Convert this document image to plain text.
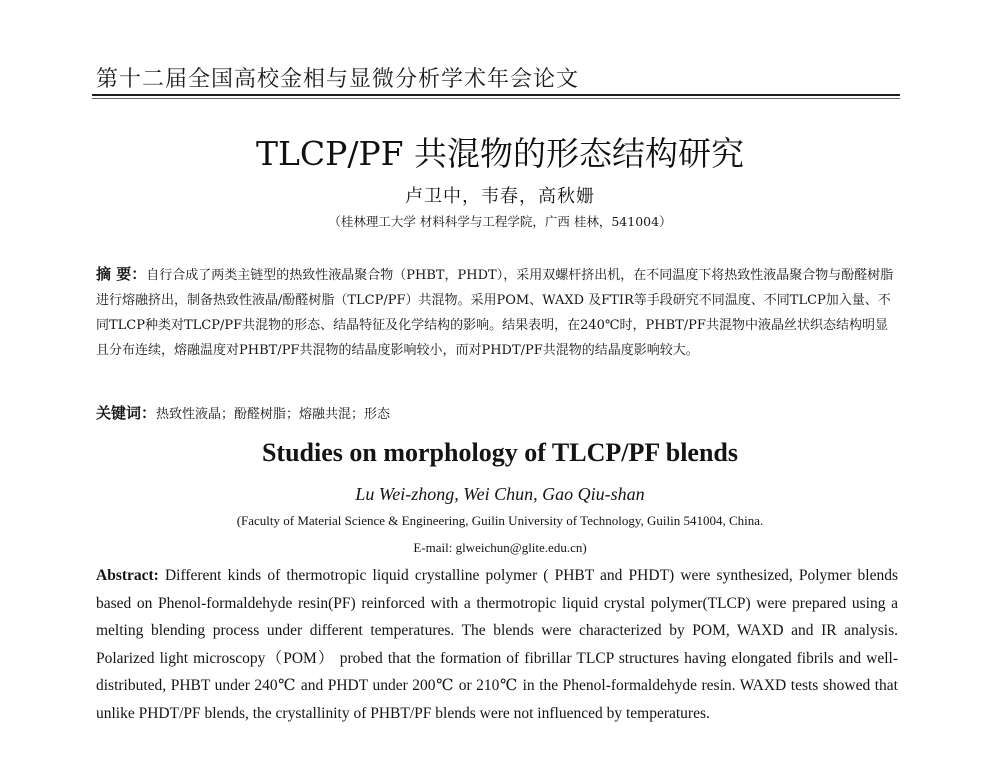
第十二届全国高校金相与显微分析学术年会论文
TLCP/PF 共混物的形态结构研究
卢卫中，韦春，高秋姗
（桂林理工大学 材料科学与工程学院，广西 桂林，541004）
摘 要：自行合成了两类主链型的热致性液晶聚合物（PHBT，PHDT），采用双螺杆挤出机，在不同温度下将热致性液晶聚合物与酚醛树脂进行熔融挤出，制备热致性液晶/酚醛树脂（TLCP/PF）共混物。采用POM、WAXD 及FTIR等手段研究不同温度、不同TLCP加入量、不同TLCP种类对TLCP/PF共混物的形态、结晶特征及化学结构的影响。结果表明，在240℃时，PHBT/PF共混物中液晶丝状织态结构明显且分布连续，熔融温度对PHBT/PF共混物的结晶度影响较小，而对PHDT/PF共混物的结晶度影响较大。
关键词：热致性液晶；酚醛树脂；熔融共混；形态
Studies on morphology of TLCP/PF blends
Lu Wei-zhong, Wei Chun, Gao Qiu-shan
(Faculty of Material Science & Engineering, Guilin University of Technology, Guilin 541004, China.
E-mail: glweichun@glite.edu.cn)
Abstract: Different kinds of thermotropic liquid crystalline polymer ( PHBT and PHDT) were synthesized, Polymer blends based on Phenol-formaldehyde resin(PF) reinforced with a thermotropic liquid crystal polymer(TLCP) were prepared using a melting blending process under different temperatures. The blends were characterized by POM, WAXD and IR analysis. Polarized light microscopy（POM） probed that the formation of fibrillar TLCP structures having elongated fibrils and well-distributed, PHBT under 240℃ and PHDT under 200℃ or 210℃ in the Phenol-formaldehyde resin. WAXD tests showed that unlike PHDT/PF blends, the crystallinity of PHBT/PF blends were not influenced by temperatures.
